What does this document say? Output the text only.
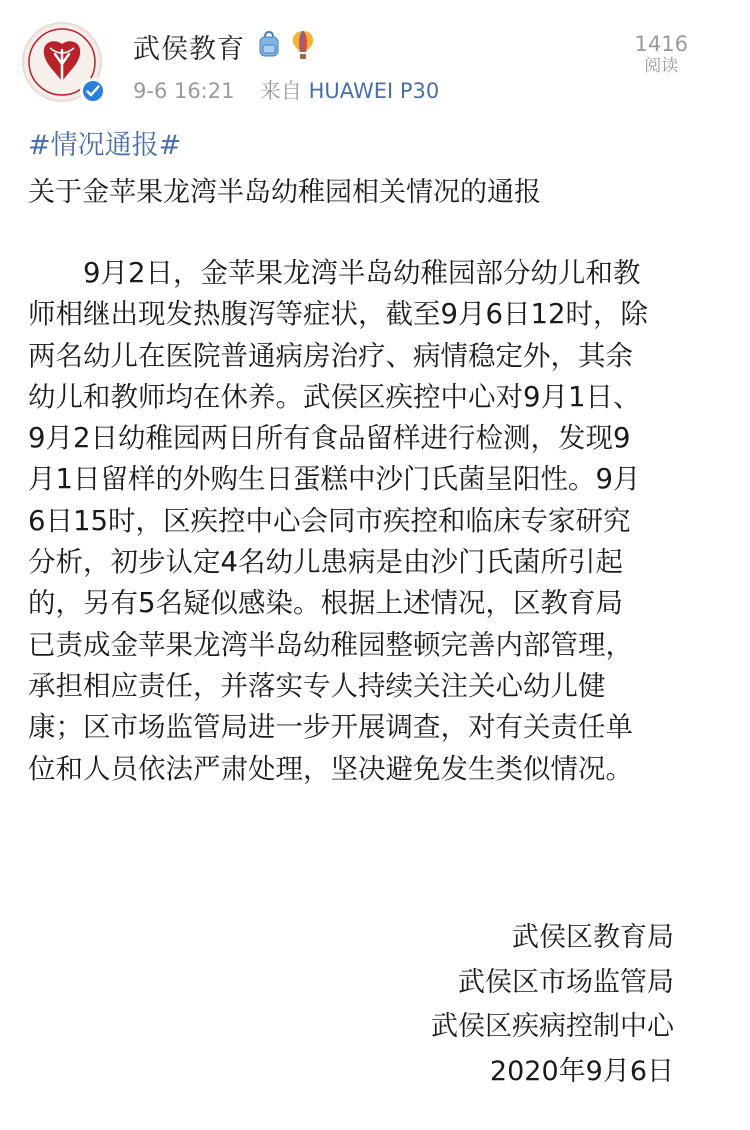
武侯教育
9-6 16:21 来自 HUAWEI P30
1416
阅读
#情况通报#
关于金苹果龙湾半岛幼稚园相关情况的通报
　　9月2日，金苹果龙湾半岛幼稚园部分幼儿和教
师相继出现发热腹泻等症状，截至9月6日12时，除
两名幼儿在医院普通病房治疗、病情稳定外，其余
幼儿和教师均在休养。武侯区疾控中心对9月1日、
9月2日幼稚园两日所有食品留样进行检测，发现9
月1日留样的外购生日蛋糕中沙门氏菌呈阳性。9月
6日15时，区疾控中心会同市疾控和临床专家研究
分析，初步认定4名幼儿患病是由沙门氏菌所引起
的，另有5名疑似感染。根据上述情况，区教育局
已责成金苹果龙湾半岛幼稚园整顿完善内部管理，
承担相应责任，并落实专人持续关注关心幼儿健
康；区市场监管局进一步开展调查，对有关责任单
位和人员依法严肃处理，坚决避免发生类似情况。
武侯区教育局
武侯区市场监管局
武侯区疾病控制中心
2020年9月6日
